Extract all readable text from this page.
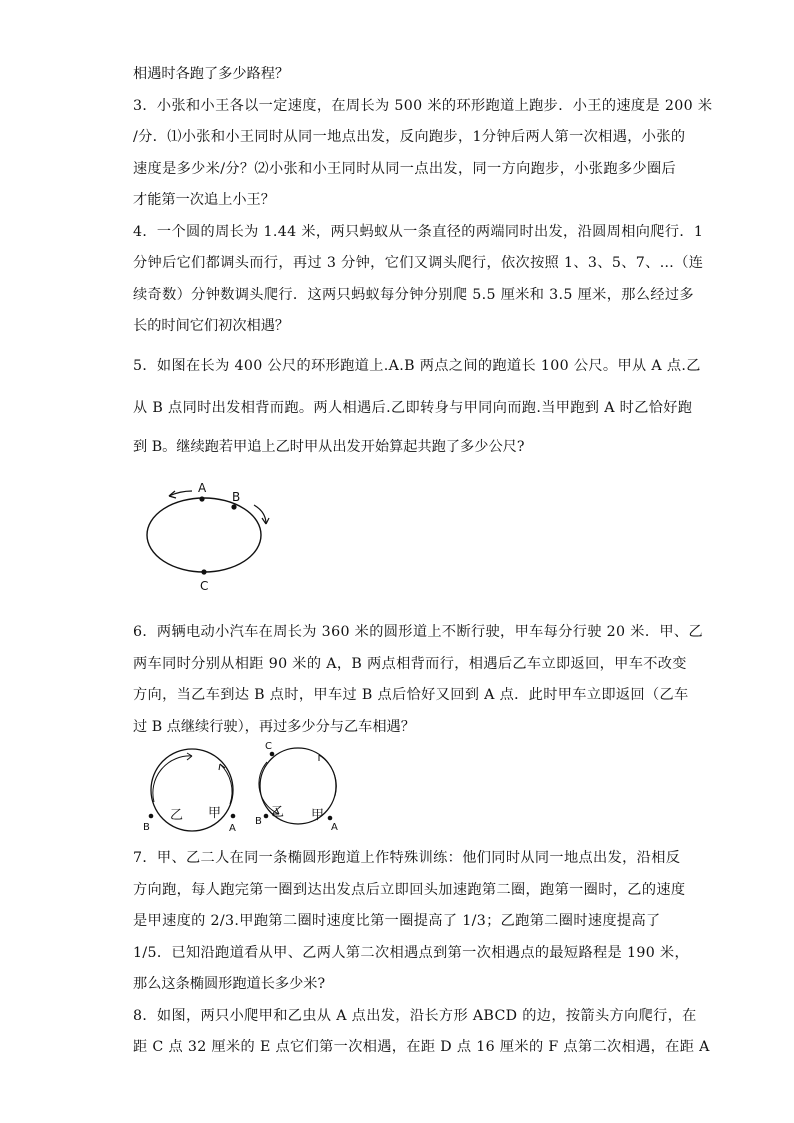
相遇时各跑了多少路程？
3．小张和小王各以一定速度，在周长为 500 米的环形跑道上跑步．小王的速度是 200 米
/分．⑴小张和小王同时从同一地点出发，反向跑步，1分钟后两人第一次相遇，小张的
速度是多少米/分？⑵小张和小王同时从同一点出发，同一方向跑步，小张跑多少圈后
才能第一次追上小王？
4．一个圆的周长为 1.44 米，两只蚂蚁从一条直径的两端同时出发，沿圆周相向爬行．1
分钟后它们都调头而行，再过 3 分钟，它们又调头爬行，依次按照 1、3、5、7、…（连
续奇数）分钟数调头爬行．这两只蚂蚁每分钟分别爬 5.5 厘米和 3.5 厘米，那么经过多
长的时间它们初次相遇？
5．如图在长为 400 公尺的环形跑道上.A.B 两点之间的跑道长 100 公尺。甲从 A 点.乙
从 B 点同时出发相背而跑。两人相遇后.乙即转身与甲同向而跑.当甲跑到 A 时乙恰好跑
到 B。继续跑若甲追上乙时甲从出发开始算起共跑了多少公尺?
A
B
C
6．两辆电动小汽车在周长为 360 米的圆形道上不断行驶，甲车每分行驶 20 米．甲、乙
两车同时分别从相距 90 米的 A，B 两点相背而行，相遇后乙车立即返回，甲车不改变
方向，当乙车到达 B 点时，甲车过 B 点后恰好又回到 A 点．此时甲车立即返回（乙车
过 B 点继续行驶），再过多少分与乙车相遇？
乙 甲
B	A
C
乙 甲
B
A
7．甲、乙二人在同一条椭圆形跑道上作特殊训练：他们同时从同一地点出发，沿相反
方向跑，每人跑完第一圈到达出发点后立即回头加速跑第二圈，跑第一圈时，乙的速度
是甲速度的 2/3.甲跑第二圈时速度比第一圈提高了 1/3；乙跑第二圈时速度提高了
1/5．已知沿跑道看从甲、乙两人第二次相遇点到第一次相遇点的最短路程是 190 米，
那么这条椭圆形跑道长多少米?
8．如图，两只小爬甲和乙虫从 A 点出发，沿长方形 ABCD 的边，按箭头方向爬行，在
距 C 点 32 厘米的 E 点它们第一次相遇，在距 D 点 16 厘米的 F 点第二次相遇，在距 A
